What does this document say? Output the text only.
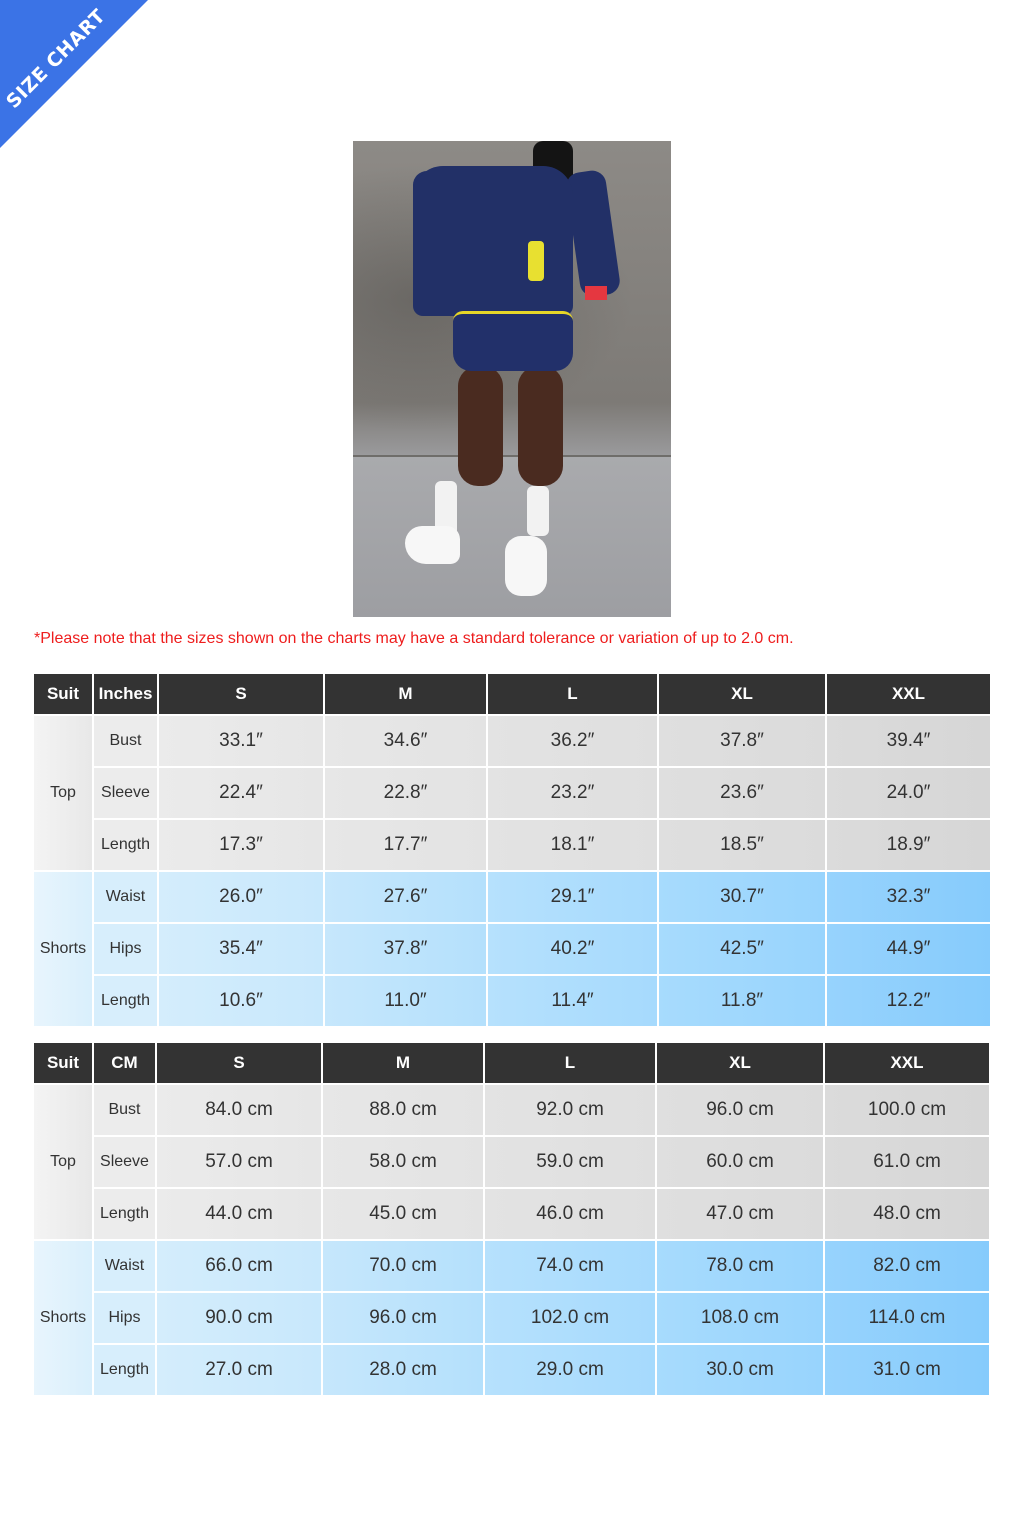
SIZE CHART
*Please note that the sizes shown on the charts may have a standard tolerance or variation of up to 2.0 cm.
Suit	Inches	S	M	L	XL	XXL
Top	Bust	33.1″	34.6″	36.2″	37.8″	39.4″
	Sleeve	22.4″	22.8″	23.2″	23.6″	24.0″
	Length	17.3″	17.7″	18.1″	18.5″	18.9″
Shorts	Waist	26.0″	27.6″	29.1″	30.7″	32.3″
	Hips	35.4″	37.8″	40.2″	42.5″	44.9″
	Length	10.6″	11.0″	11.4″	11.8″	12.2″
Suit	CM	S	M	L	XL	XXL
Top	Bust	84.0 cm	88.0 cm	92.0 cm	96.0 cm	100.0 cm
	Sleeve	57.0 cm	58.0 cm	59.0 cm	60.0 cm	61.0 cm
	Length	44.0 cm	45.0 cm	46.0 cm	47.0 cm	48.0 cm
Shorts	Waist	66.0 cm	70.0 cm	74.0 cm	78.0 cm	82.0 cm
	Hips	90.0 cm	96.0 cm	102.0 cm	108.0 cm	114.0 cm
	Length	27.0 cm	28.0 cm	29.0 cm	30.0 cm	31.0 cm
